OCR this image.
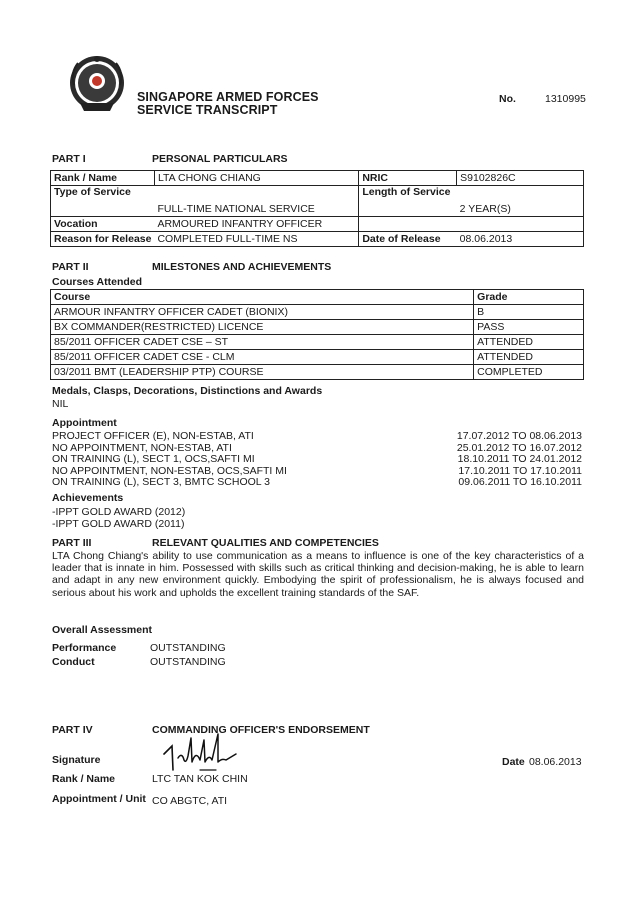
SINGAPORE ARMED FORCES
SERVICE TRANSCRIPT
No.	1310995
PART I	PERSONAL PARTICULARS
Rank / Name	LTA CHONG CHIANG	NRIC	S9102826C
Type of Service	FULL-TIME NATIONAL SERVICE	Length of Service	2 YEAR(S)
Vocation	ARMOURED INFANTRY OFFICER		
Reason for Release	COMPLETED FULL-TIME NS	Date of Release	08.06.2013
PART II	MILESTONES AND ACHIEVEMENTS
Courses Attended
Course	Grade
ARMOUR INFANTRY OFFICER CADET (BIONIX)	B
BX COMMANDER(RESTRICTED) LICENCE	PASS
85/2011 OFFICER CADET CSE – ST	ATTENDED
85/2011 OFFICER CADET CSE - CLM	ATTENDED
03/2011 BMT (LEADERSHIP PTP) COURSE	COMPLETED
Medals, Clasps, Decorations, Distinctions and Awards
NIL
Appointment
PROJECT OFFICER (E), NON-ESTAB, ATI	17.07.2012 TO 08.06.2013
NO APPOINTMENT, NON-ESTAB, ATI	25.01.2012 TO 16.07.2012
ON TRAINING (L), SECT 1, OCS,SAFTI MI	18.10.2011 TO 24.01.2012
NO APPOINTMENT, NON-ESTAB, OCS,SAFTI MI	17.10.2011 TO 17.10.2011
ON TRAINING (L), SECT 3, BMTC SCHOOL 3	09.06.2011 TO 16.10.2011
Achievements
-IPPT GOLD AWARD (2012)
-IPPT GOLD AWARD (2011)
PART III	RELEVANT QUALITIES AND COMPETENCIES
LTA Chong Chiang's ability to use communication as a means to influence is one of the key characteristics of a leader that is innate in him. Possessed with skills such as critical thinking and decision-making, he is able to learn and adapt in any new environment quickly. Embodying the spirit of professionalism, he is always focused and serious about his work and upholds the excellent training standards of the SAF.
Overall Assessment
Performance	OUTSTANDING
Conduct	OUTSTANDING
PART IV	COMMANDING OFFICER'S ENDORSEMENT
Signature	Date 08.06.2013
Rank / Name	LTC TAN KOK CHIN
Appointment / Unit CO ABGTC, ATI
